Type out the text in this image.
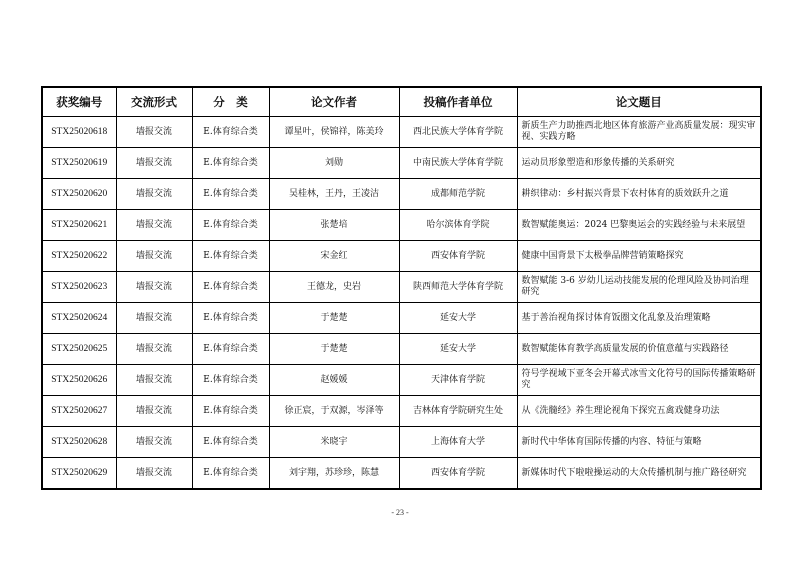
获奖编号	交流形式	分　类	论文作者	投稿作者单位	论文题目
STX25020618	墙报交流	E.体育综合类	谭星叶，侯锦祥，陈美玲	西北民族大学体育学院	新质生产力助推西北地区体育旅游产业高质量发展：现实审视、实践方略
STX25020619	墙报交流	E.体育综合类	刘勋	中南民族大学体育学院	运动员形象塑造和形象传播的关系研究
STX25020620	墙报交流	E.体育综合类	吴桂林，王丹，王凌洁	成都师范学院	耕织律动：乡村振兴背景下农村体育的质效跃升之道
STX25020621	墙报交流	E.体育综合类	张楚培	哈尔滨体育学院	数智赋能奥运：2024 巴黎奥运会的实践经验与未来展望
STX25020622	墙报交流	E.体育综合类	宋金红	西安体育学院	健康中国背景下太极拳品牌营销策略探究
STX25020623	墙报交流	E.体育综合类	王德龙，史岩	陕西师范大学体育学院	数智赋能 3-6 岁幼儿运动技能发展的伦理风险及协同治理研究
STX25020624	墙报交流	E.体育综合类	于楚楚	延安大学	基于善治视角探讨体育饭圈文化乱象及治理策略
STX25020625	墙报交流	E.体育综合类	于楚楚	延安大学	数智赋能体育教学高质量发展的价值意蕴与实践路径
STX25020626	墙报交流	E.体育综合类	赵媛媛	天津体育学院	符号学视域下亚冬会开幕式冰雪文化符号的国际传播策略研究
STX25020627	墙报交流	E.体育综合类	徐正宸，于双源，岑泽等	吉林体育学院研究生处	从《洗髓经》养生理论视角下探究五禽戏健身功法
STX25020628	墙报交流	E.体育综合类	米晓宇	上海体育大学	新时代中华体育国际传播的内容、特征与策略
STX25020629	墙报交流	E.体育综合类	刘宇翔，苏珍珍，陈慧	西安体育学院	新媒体时代下啦啦操运动的大众传播机制与推广路径研究
- 23 -
